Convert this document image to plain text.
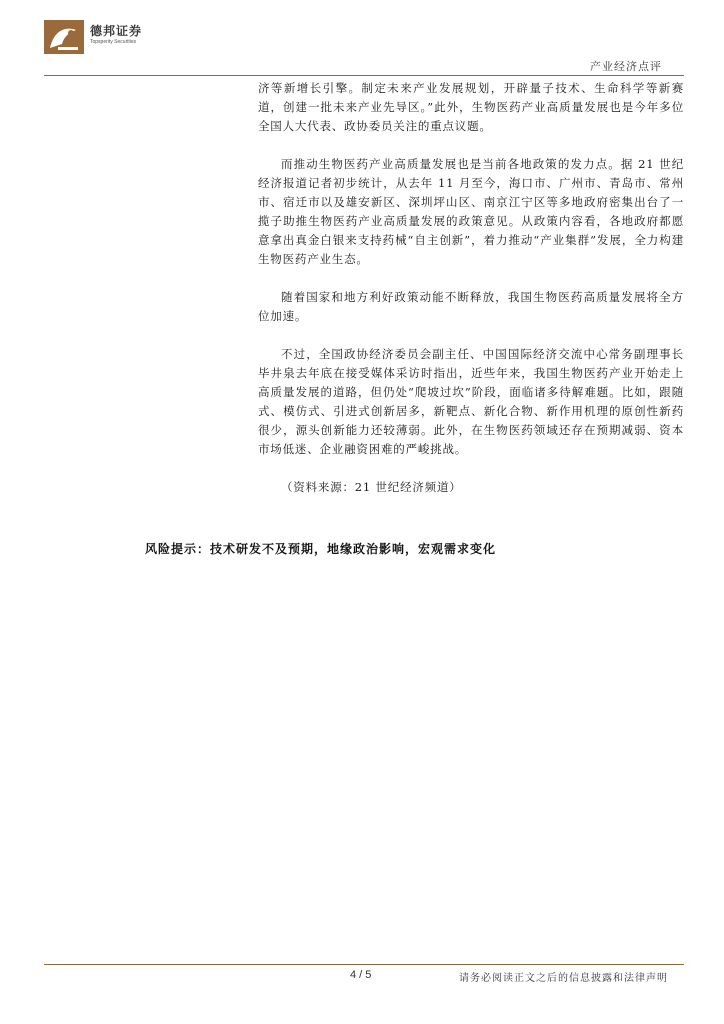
德邦证券
Topsperity Securities
产业经济点评

济等新增长引擎。制定未来产业发展规划，开辟量子技术、生命科学等新赛道，创建一批未来产业先导区。”此外，生物医药产业高质量发展也是今年多位全国人大代表、政协委员关注的重点议题。

而推动生物医药产业高质量发展也是当前各地政策的发力点。据 21 世纪经济报道记者初步统计，从去年 11 月至今，海口市、广州市、青岛市、常州市、宿迁市以及雄安新区、深圳坪山区、南京江宁区等多地政府密集出台了一揽子助推生物医药产业高质量发展的政策意见。从政策内容看，各地政府都愿意拿出真金白银来支持药械“自主创新”，着力推动“产业集群”发展，全力构建生物医药产业生态。

随着国家和地方利好政策动能不断释放，我国生物医药高质量发展将全方位加速。

不过，全国政协经济委员会副主任、中国国际经济交流中心常务副理事长毕井泉去年底在接受媒体采访时指出，近些年来，我国生物医药产业开始走上高质量发展的道路，但仍处“爬坡过坎”阶段，面临诸多待解难题。比如，跟随式、模仿式、引进式创新居多，新靶点、新化合物、新作用机理的原创性新药很少，源头创新能力还较薄弱。此外，在生物医药领域还存在预期减弱、资本市场低迷、企业融资困难的严峻挑战。

（资料来源：21 世纪经济频道）

风险提示：技术研发不及预期，地缘政治影响，宏观需求变化
4 / 5	请务必阅读正文之后的信息披露和法律声明
